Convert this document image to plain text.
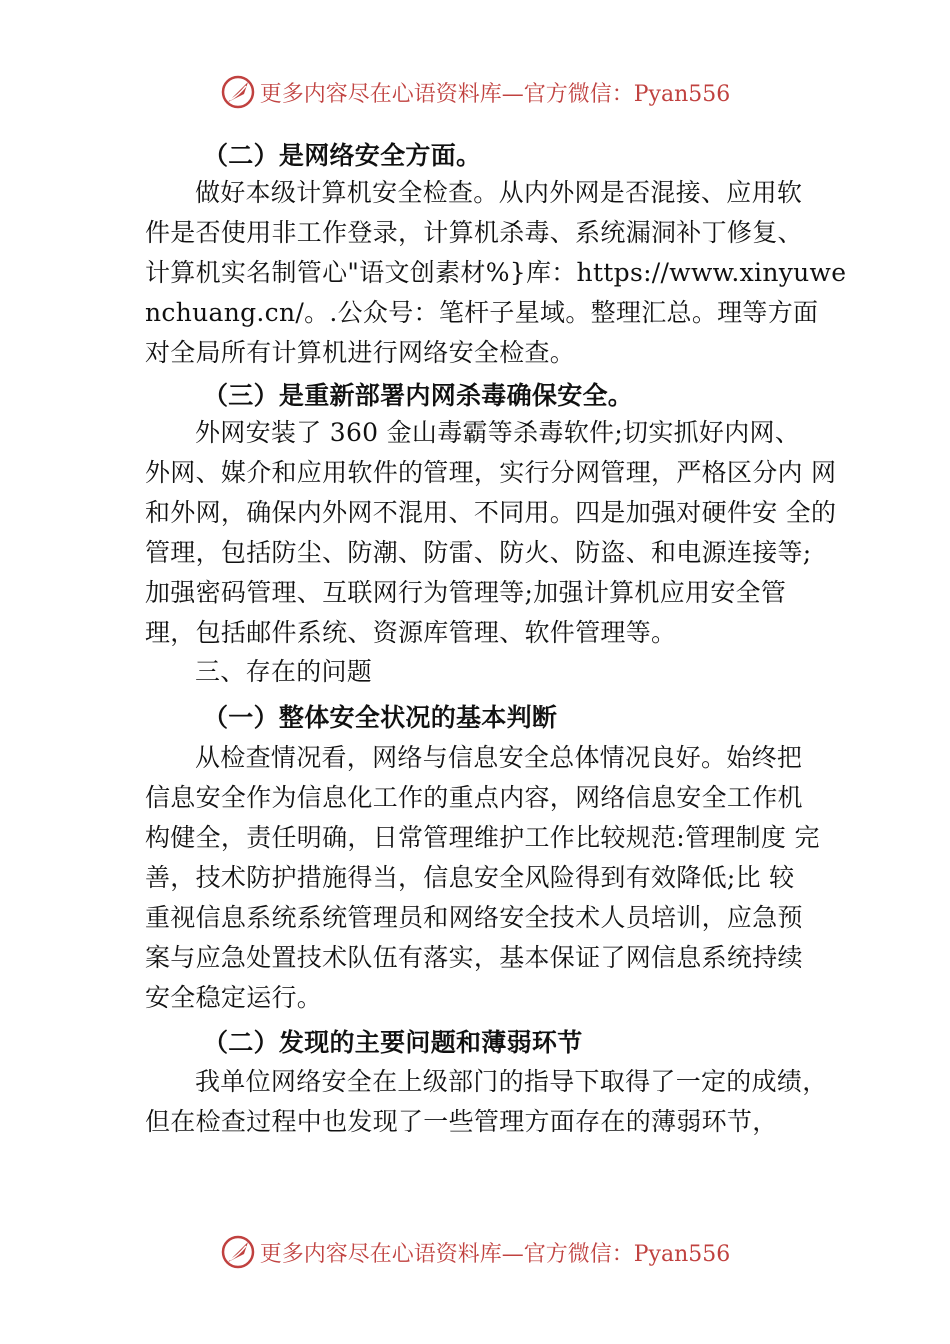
更多内容尽在心语资料库—官方微信：Pyan556
（二）是网络安全方面。
做好本级计算机安全检查。从内外网是否混接、应用软
件是否使用非工作登录，计算机杀毒、系统漏洞补丁修复、
计算机实名制管心"语文创素材%}库：https://www.xinyuwe
nchuang.cn/。.公众号：笔杆子星域。整理汇总。理等方面
对全局所有计算机进行网络安全检查。
（三）是重新部署内网杀毒确保安全。
外网安装了 360 金山毒霸等杀毒软件;切实抓好内网、
外网、媒介和应用软件的管理，实行分网管理，严格区分内 网
和外网，确保内外网不混用、不同用。四是加强对硬件安 全的
管理，包括防尘、防潮、防雷、防火、防盗、和电源连接等;
加强密码管理、互联网行为管理等;加强计算机应用安全管
理，包括邮件系统、资源库管理、软件管理等。
三、存在的问题
（一）整体安全状况的基本判断
从检查情况看，网络与信息安全总体情况良好。始终把
信息安全作为信息化工作的重点内容，网络信息安全工作机
构健全，责任明确，日常管理维护工作比较规范:管理制度 完
善，技术防护措施得当，信息安全风险得到有效降低;比 较
重视信息系统系统管理员和网络安全技术人员培训，应急预
案与应急处置技术队伍有落实，基本保证了网信息系统持续
安全稳定运行。
（二）发现的主要问题和薄弱环节
我单位网络安全在上级部门的指导下取得了一定的成绩，
但在检查过程中也发现了一些管理方面存在的薄弱环节，
更多内容尽在心语资料库—官方微信：Pyan556
